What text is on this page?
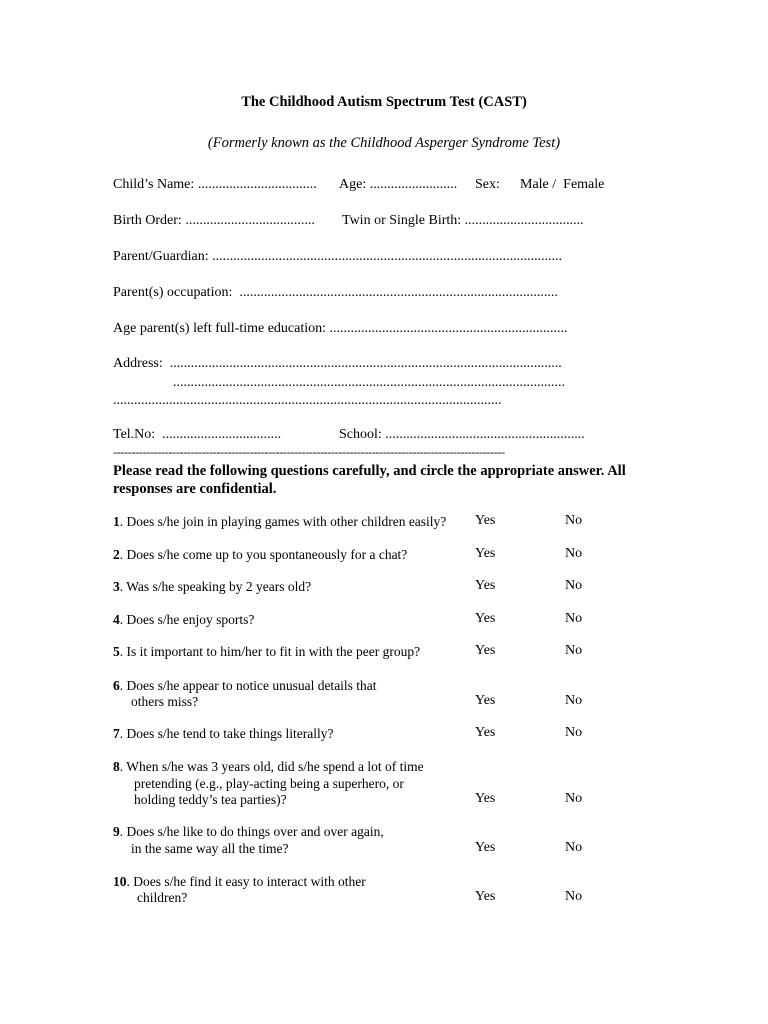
The Childhood Autism Spectrum Test (CAST)
(Formerly known as the Childhood Asperger Syndrome Test)
Child’s Name: .................................. Age: ......................... Sex: Male /  Female
Birth Order: ..................................... Twin or Single Birth: ..................................
Parent/Guardian: ....................................................................................................
Parent(s) occupation:  ...........................................................................................
Age parent(s) left full-time education: ....................................................................
Address:  ................................................................................................................
................................................................................................................
...............................................................................................................
Tel.No:  ..................................	School: .........................................................
----------------------------------------------------------------------------------------------------------
Please read the following questions carefully, and circle the appropriate answer. All responses are confidential.
1. Does s/he join in playing games with other children easily? Yes	No
2. Does s/he come up to you spontaneously for a chat?	Yes	No
3. Was s/he speaking by 2 years old?	Yes	No
4. Does s/he enjoy sports?	Yes	No
5. Is it important to him/her to fit in with the peer group?	Yes	No
6. Does s/he appear to notice unusual details that
others miss?	Yes	No
7. Does s/he tend to take things literally?	Yes	No
8. When s/he was 3 years old, did s/he spend a lot of time
pretending (e.g., play-acting being a superhero, or
holding teddy’s tea parties)?	Yes	No
9. Does s/he like to do things over and over again,
in the same way all the time?	Yes	No
10. Does s/he find it easy to interact with other
children?	Yes	No
